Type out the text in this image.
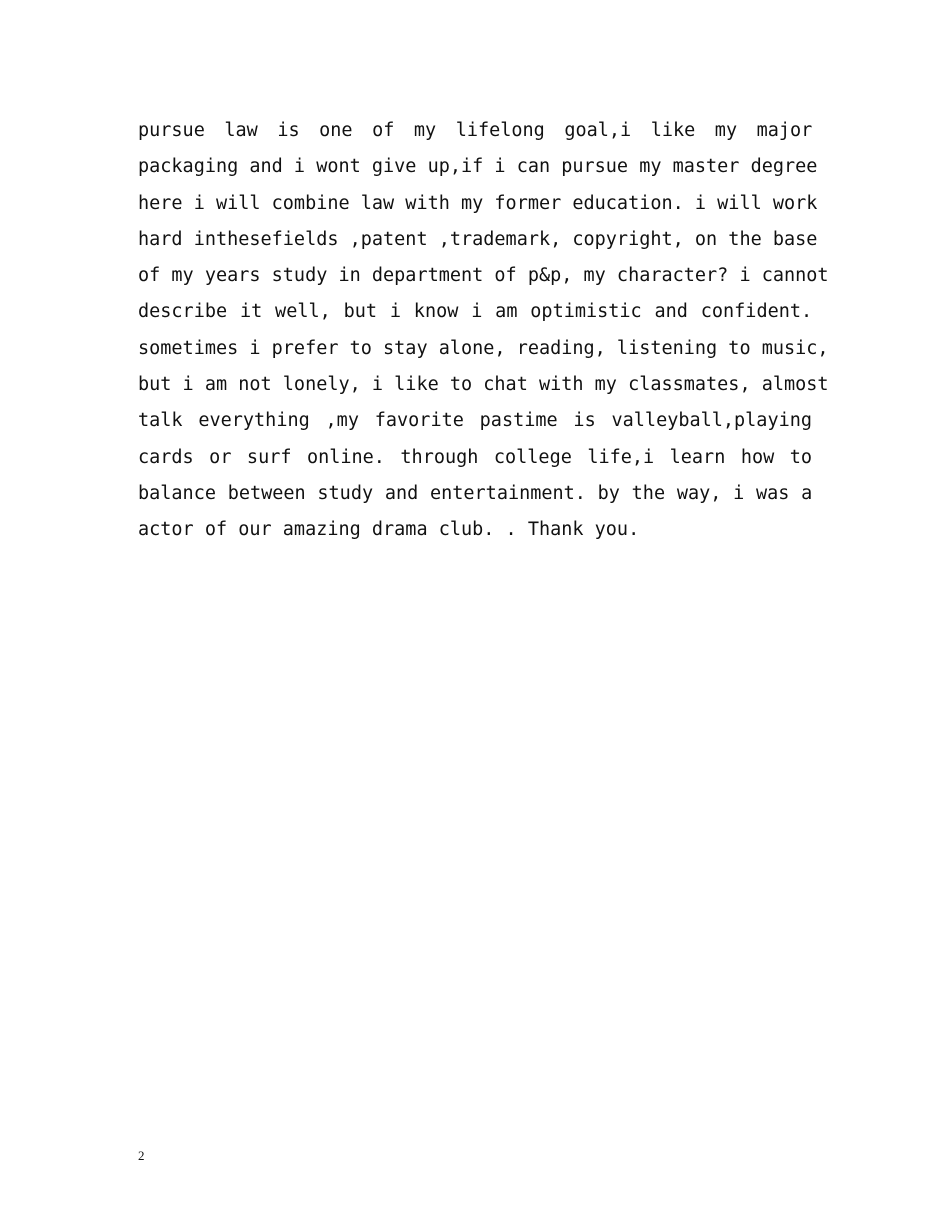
pursue law is one of my lifelong goal,i like my major
packaging and i wont give up,if i can pursue my master degree
here i will combine law with my former education. i will work
hard inthesefields ,patent ,trademark, copyright, on the base
of my years study in department of p&p, my character? i cannot
describe it well, but i know i am optimistic and confident.
sometimes i prefer to stay alone, reading, listening to music,
but i am not lonely, i like to chat with my classmates, almost
talk everything ,my favorite pastime is valleyball,playing
cards or surf online. through college life,i learn how to
balance between study and entertainment. by the way, i was a
actor of our amazing drama club. . Thank you.
2
